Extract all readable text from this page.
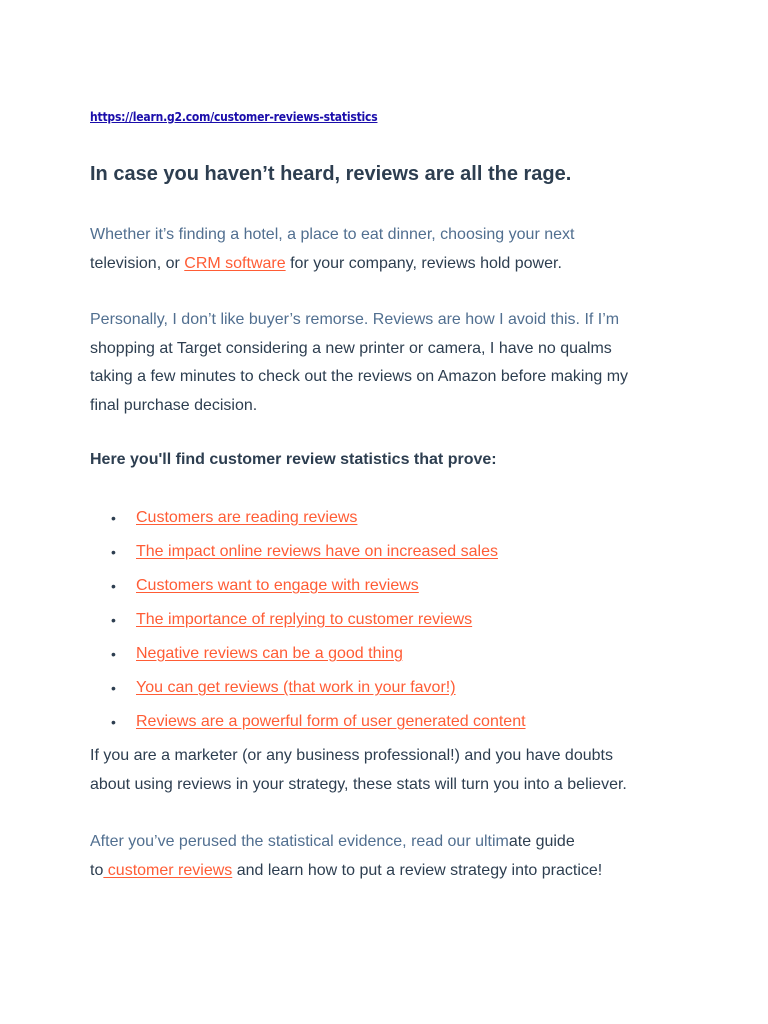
https://learn.g2.com/customer-reviews-statistics
In case you haven’t heard, reviews are all the rage.

Whether it’s finding a hotel, a place to eat dinner, choosing your next
television, or CRM software for your company, reviews hold power.

Personally, I don’t like buyer’s remorse. Reviews are how I avoid this. If I’m
shopping at Target considering a new printer or camera, I have no qualms
taking a few minutes to check out the reviews on Amazon before making my
final purchase decision.

Here you'll find customer review statistics that prove:

• Customers are reading reviews
• The impact online reviews have on increased sales
• Customers want to engage with reviews
• The importance of replying to customer reviews
• Negative reviews can be a good thing
• You can get reviews (that work in your favor!)
• Reviews are a powerful form of user generated content

If you are a marketer (or any business professional!) and you have doubts
about using reviews in your strategy, these stats will turn you into a believer.

After you’ve perused the statistical evidence, read our ultimate guide
to customer reviews and learn how to put a review strategy into practice!
